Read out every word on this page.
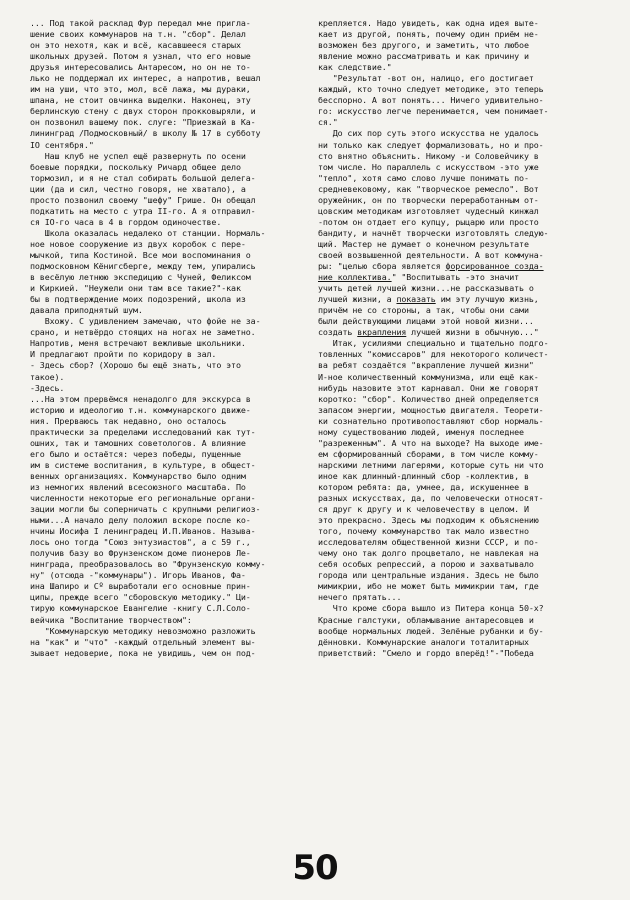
... Под такой расклад Фур передал мне пригла-
шение своих коммунаров на т.н. "сбор". Делал
он это нехотя, как и всё, касавшееся старых
школьных друзей. Потом я узнал, что его новые
друзья интересовались Антаресом, но он не то-
лько не поддержал их интерес, а напротив, вешал
им на уши, что это, мол, всё лажа, мы дураки,
шпана, не стоит овчинка выделки. Наконец, эту
берлинскую стену с двух сторон прокковыряли, и
он позвонил вашему пок. слуге: "Приезжай в Ка-
лининград /Подмосковный/ в школу № 17 в субботу
IO сентября."
Наш клуб не успел ещё развернуть по осени
боевые порядки, поскольку Ричард общее дело
тормозил, и я не стал собирать большой делега-
ции (да и сил, честно говоря, не хватало), а
просто позвонил своему "шефу" Грише. Он обещал
подкатить на место с утра II-го. А я отправил-
ся IO-го часа в 4 в гордом одиночестве.
Школа оказалась недалеко от станции. Нормаль-
ное новое сооружение из двух коробок с пере-
мычкой, типа Костиной. Все мои воспоминания о
подмосковном Кёнигсберге, между тем, упирались
в весёлую летнюю экспедицию с Чуней, Феликсом
и Киркией. "Неужели они там все такие?"-как
бы в подтверждение моих подозрений, школа из
давала приподнятый шум.
Вхожу. С удивлением замечаю, что фойе не за-
срано, и нетвёрдо стоящих на ногах не заметно.
Напротив, меня встречают вежливые школьники.
И предлагают пройти по коридору в зал.
- Здесь сбор? (Хорошо бы ещё знать, что это
такое).
-Здесь.
...На этом прервёмся ненадолго для экскурса в
историю и идеологию т.н. коммунарского движе-
ния. Прерваюсь так недавно, оно осталось
практически за пределами исследований как тут-
ошних, так и тамошних советологов. А влияние
его было и остаётся: через победы, пущенные
им в системе воспитания, в культуре, в общест-
венных организациях. Коммунарство было одним
из немногих явлений всесоюзного масштаба. По
численности некоторые его региональные органи-
зации могли бы соперничать с крупными религиоз-
ными...А начало делу положил вскоре после ко-
нчины Иосифа I ленинградец И.П.Иванов. Называ-
лось оно тогда "Союз энтузиастов", а с 59 г.,
получив базу во Фрунзенском доме пионеров Ле-
нинграда, преобразовалось во "Фрунзенскую комму-
ну" (отсюда -"коммунары"). Игорь Иванов, Фа-
ина Шапиро и Cº выработали его основные прин-
ципы, прежде всего "сборовскую методику." Ци-
тирую коммунарское Евангелие -книгу С.Л.Соло-
вейчика "Воспитание творчеством":
"Коммунарскую методику невозможно разложить
на "как" и "что" -каждый отдельный элемент вы-
зывает недоверие, пока не увидишь, чем он под-
крепляется. Надо увидеть, как одна идея выте-
кает из другой, понять, почему один приём не-
возможен без другого, и заметить, что любое
явление можно рассматривать и как причину и
как следствие."
"Результат -вот он, налицо, его достигает
каждый, кто точно следует методике, это теперь
бесспорно. А вот понять... Ничего удивительно-
го: искусство легче перенимается, чем понимает-
ся."
До сих пор суть этого искусства не удалось
ни только как следует формализовать, но и про-
сто внятно объяснить. Никому -и Соловейчику в
том числе. Но параллель с искусством -это уже
"тепло", хотя само слово лучше понимать по-
средневековому, как "творческое ремесло". Вот
оружейник, он по творчески переработанным от-
цовским методикам изготовляет чудесный кинжал
-потом он отдает его купцу, рыцарю или просто
бандиту, и начнёт творчески изготовлять следую-
щий. Мастер не думает о конечном результате
своей возвышенной деятельности. А вот коммуна-
ры: "целью сбора является форсированное созда-
ние коллектива." "Воспитывать -это значит
учить детей лучшей жизни...не рассказывать о
лучшей жизни, а показать им эту лучшую жизнь,
причём не со стороны, а так, чтобы они сами
были действующими лицами этой новой жизни...
создать вкрапления лучшей жизни в обычную..."
Итак, усилиями специально и тщательно подго-
товленных "комиссаров" для некоторого количест-
ва ребят создаётся "вкрапление лучшей жизни"
И-ное количественный коммунизма, или ещё как-
нибудь назовите этот карнавал. Они же говорят
коротко: "сбор". Количество дней определяется
запасом энергии, мощностью двигателя. Теорети-
ки сознательно противопоставляют сбор нормаль-
ному существованию людей, именуя последнее
"разреженным". А что на выходе? На выходе име-
ем сформированный сборами, в том числе комму-
нарскими летними лагерями, которые суть ни что
иное как длинный-длинный сбор -коллектив, в
котором ребята: да, умнее, да, искушеннее в
разных искусствах, да, по человечески относят-
ся друг к другу и к человечеству в целом. И
это прекрасно. Здесь мы подходим к объяснению
того, почему коммунарство так мало известно
исследователям общественной жизни СССР, и по-
чему оно так долго процветало, не навлекая на
себя особых репрессий, а порою и захватывало
города или центральные издания. Здесь не было
мимикрии, ибо не может быть мимикрии там, где
нечего прятать...
Что кроме сбора вышло из Питера конца 50-х?
Красные галстуки, обламывание антаресовцев и
вообще нормальных людей. Зелёные рубанки и бу-
дённовки. Коммунарские аналоги тоталитарных
приветствий: "Смело и гордо вперёд!"-"Победа
50
